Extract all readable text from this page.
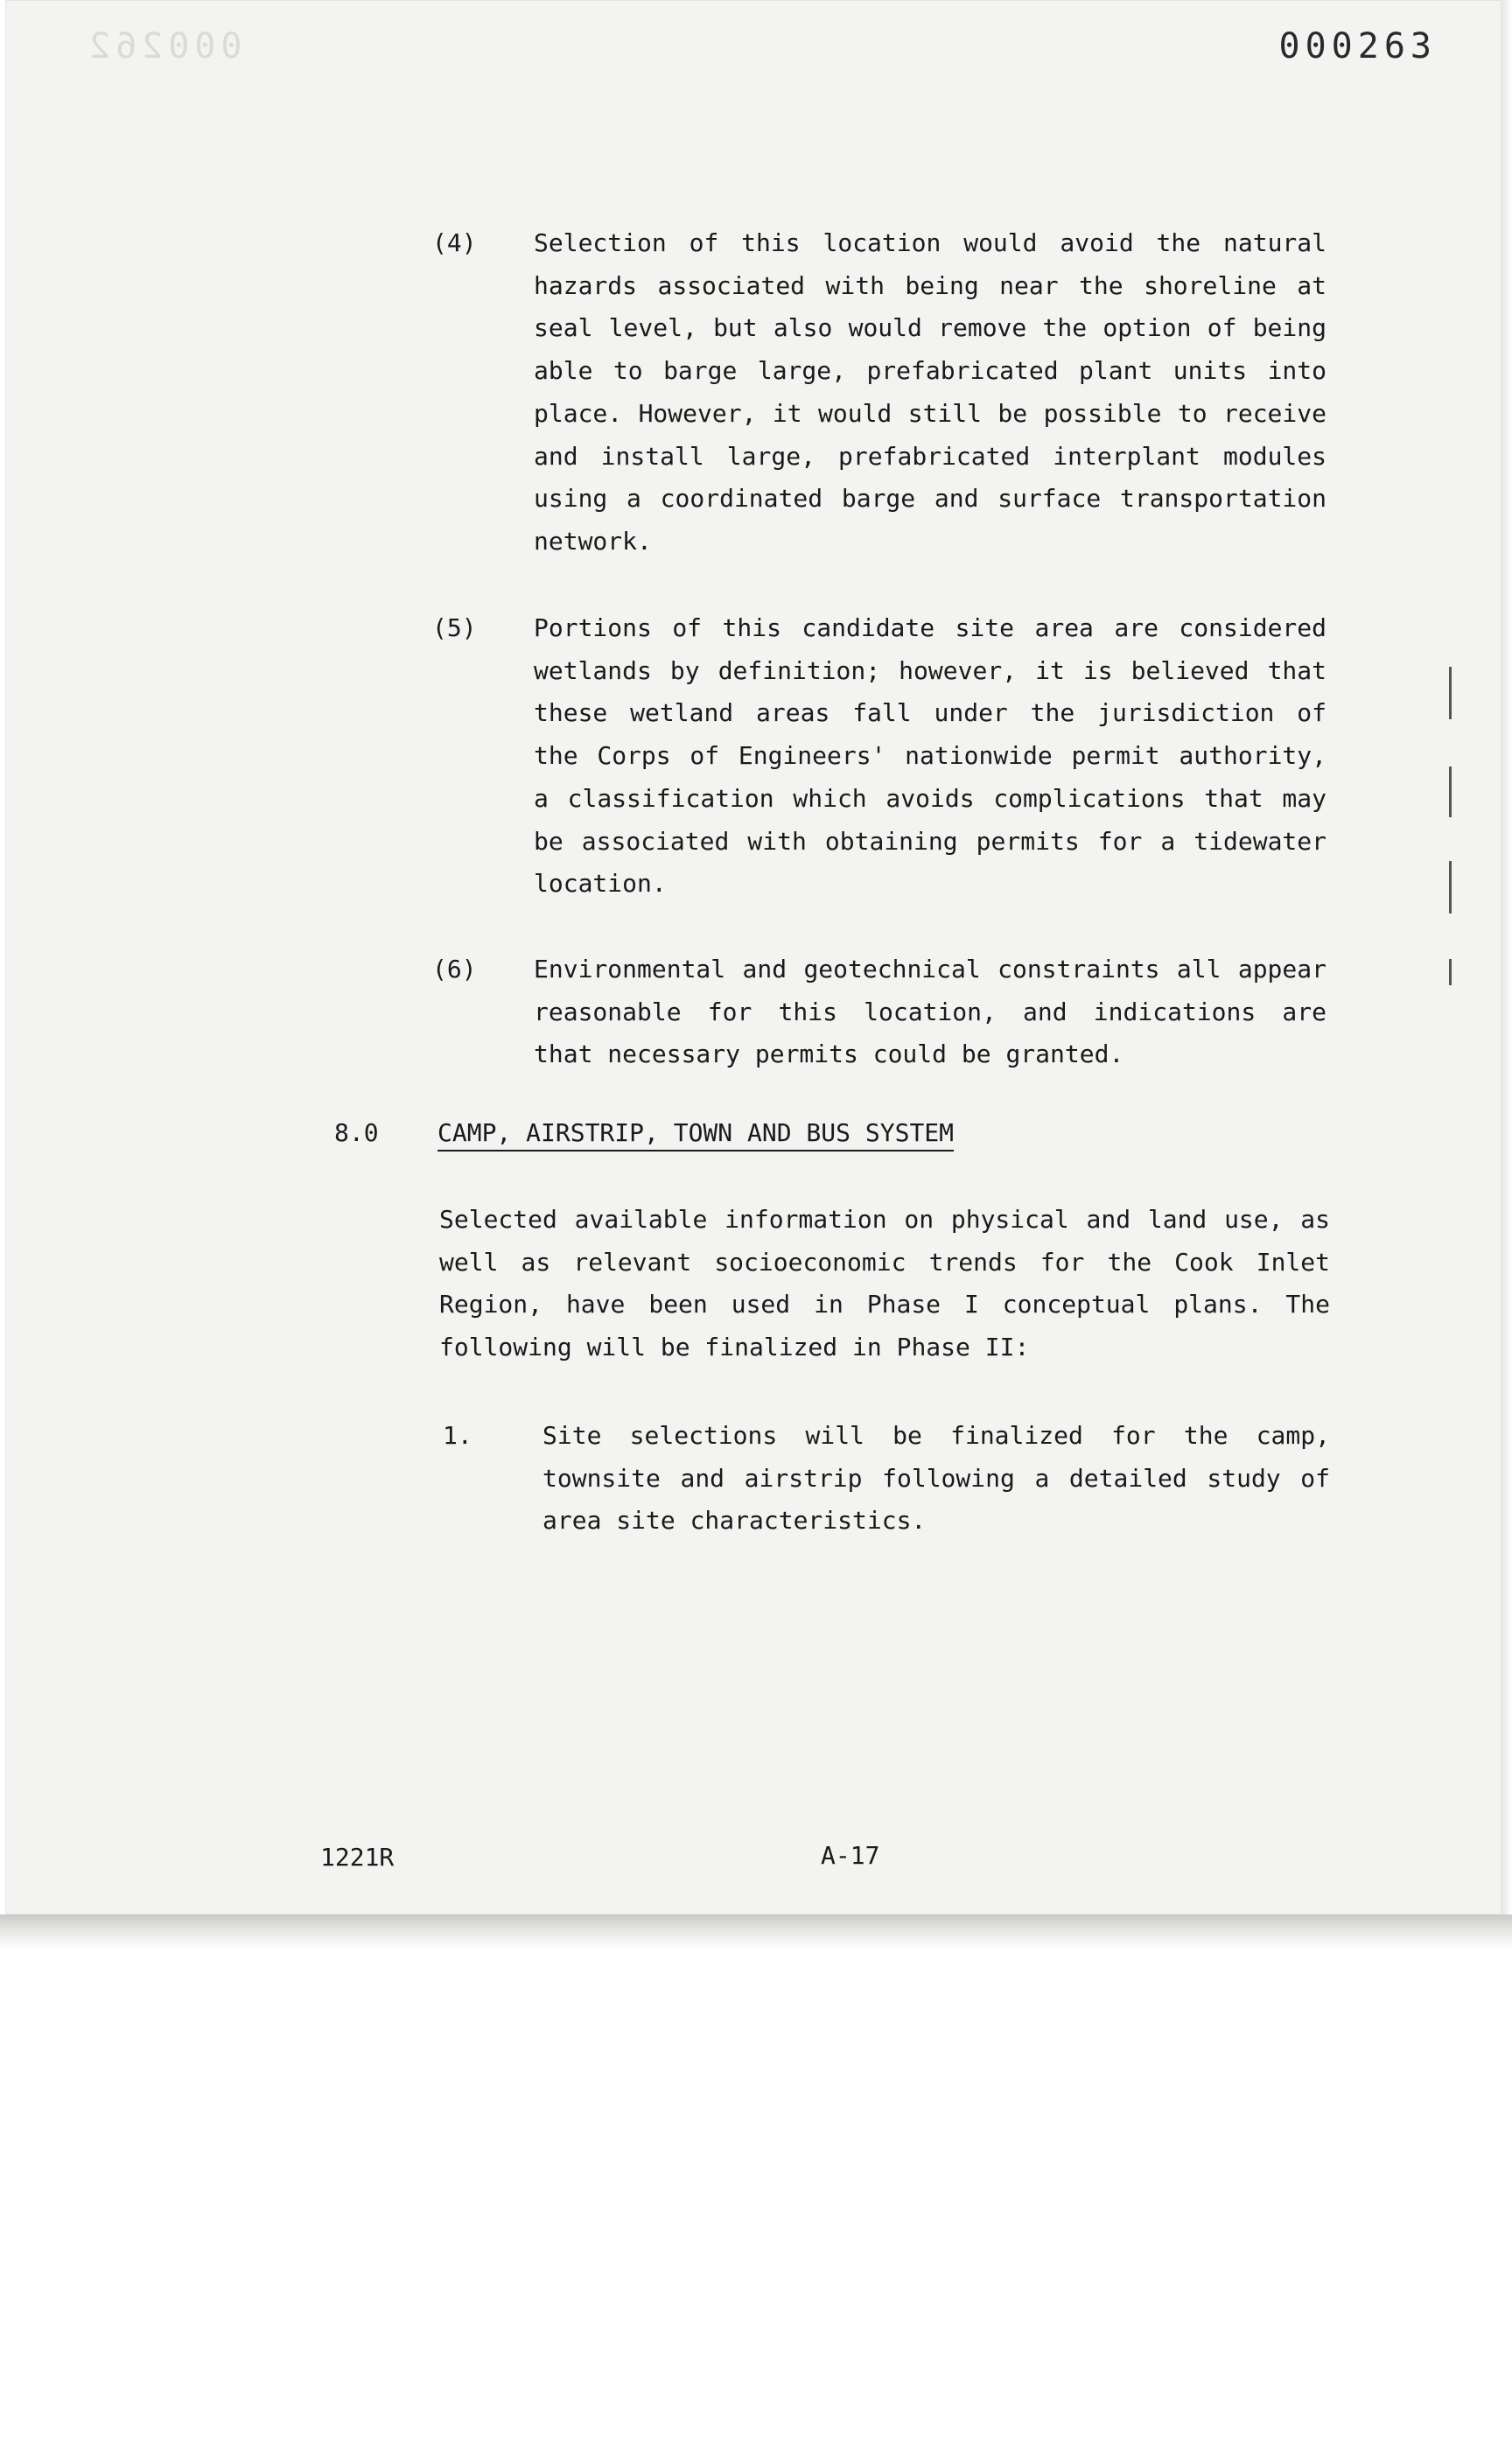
000262	000263
(4) Selection of this location would avoid the natural hazards associated with being near the shoreline at seal level, but also would remove the option of being able to barge large, prefabricated plant units into place. However, it would still be possible to receive and install large, prefabricated interplant modules using a coordinated barge and surface transportation network.

(5) Portions of this candidate site area are considered wetlands by definition; however, it is believed that these wetland areas fall under the jurisdiction of the Corps of Engineers' nationwide permit authority, a classification which avoids complications that may be associated with obtaining permits for a tidewater location.

(6) Environmental and geotechnical constraints all appear reasonable for this location, and indications are that necessary permits could be granted.

8.0 CAMP, AIRSTRIP, TOWN AND BUS SYSTEM

Selected available information on physical and land use, as well as relevant socioeconomic trends for the Cook Inlet Region, have been used in Phase I conceptual plans. The following will be finalized in Phase II:

1.	Site selections will be finalized for the camp, townsite and airstrip following a detailed study of area site characteristics.

1221R	A-17
